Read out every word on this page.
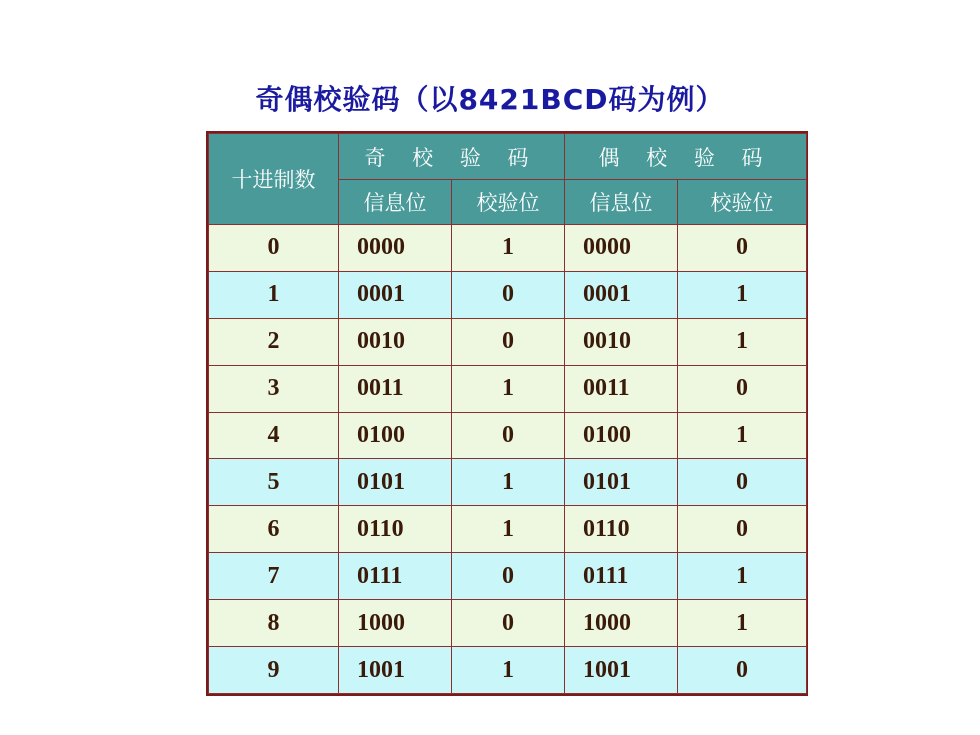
奇偶校验码（以8421BCD码为例）
十进制数	奇 校 验 码		偶 校 验 码	
	信息位	校验位	信息位	校验位
0	0000	1	0000	0
1	0001	0	0001	1
2	0010	0	0010	1
3	0011	1	0011	0
4	0100	0	0100	1
5	0101	1	0101	0
6	0110	1	0110	0
7	0111	0	0111	1
8	1000	0	1000	1
9	1001	1	1001	0
